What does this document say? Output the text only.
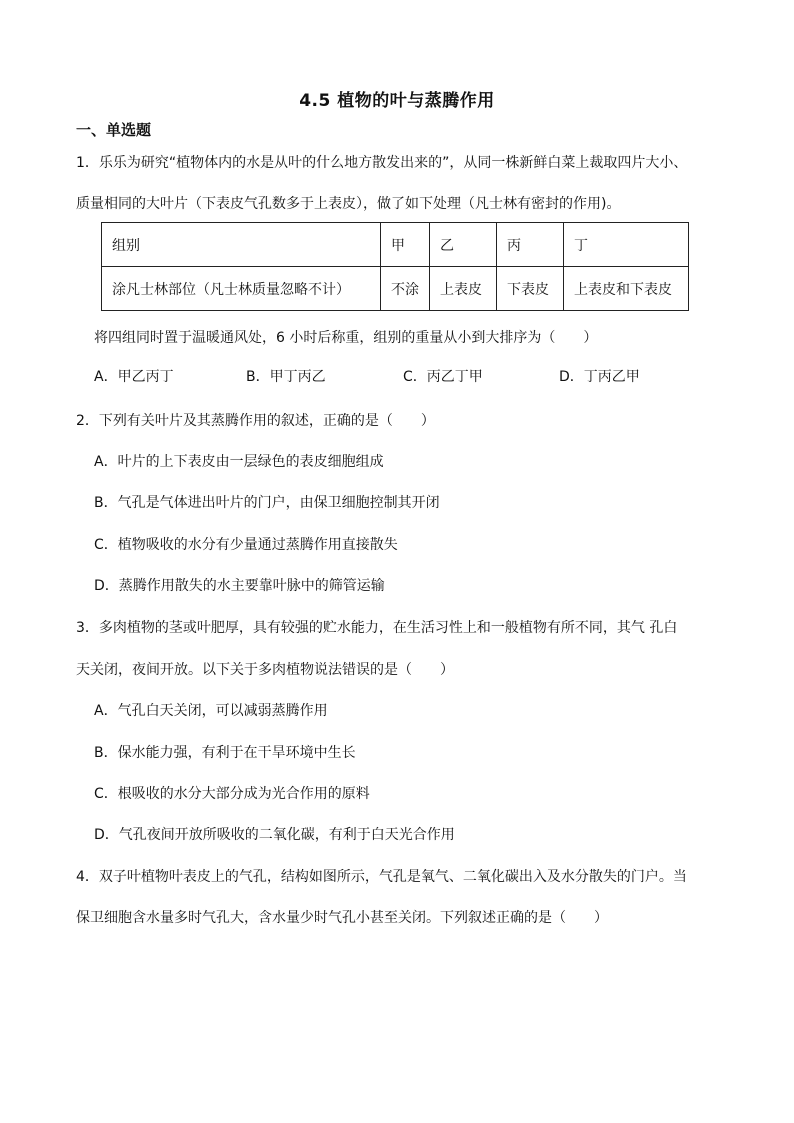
4.5 植物的叶与蒸腾作用
一、单选题
1．乐乐为研究“植物体内的水是从叶的什么地方散发出来的”，从同一株新鲜白菜上裁取四片大小、
质量相同的大叶片（下表皮气孔数多于上表皮），做了如下处理（凡士林有密封的作用)。
组别	甲	乙	丙	丁
涂凡士林部位（凡士林质量忽略不计）	不涂	上表皮	下表皮	上表皮和下表皮
将四组同时置于温暖通风处，6 小时后称重，组别的重量从小到大排序为（　　）
A．甲乙丙丁	B．甲丁丙乙	C．丙乙丁甲	D．丁丙乙甲
2．下列有关叶片及其蒸腾作用的叙述，正确的是（　　）
A．叶片的上下表皮由一层绿色的表皮细胞组成
B．气孔是气体进出叶片的门户，由保卫细胞控制其开闭
C．植物吸收的水分有少量通过蒸腾作用直接散失
D．蒸腾作用散失的水主要靠叶脉中的筛管运输
3．多肉植物的茎或叶肥厚，具有较强的贮水能力，在生活习性上和一般植物有所不同，其气 孔白
天关闭，夜间开放。以下关于多肉植物说法错误的是（　　）
A．气孔白天关闭，可以减弱蒸腾作用
B．保水能力强，有利于在干旱环境中生长
C．根吸收的水分大部分成为光合作用的原料
D．气孔夜间开放所吸收的二氧化碳，有利于白天光合作用
4．双子叶植物叶表皮上的气孔，结构如图所示，气孔是氧气、二氧化碳出入及水分散失的门户。当
保卫细胞含水量多时气孔大，含水量少时气孔小甚至关闭。下列叙述正确的是（　　）
